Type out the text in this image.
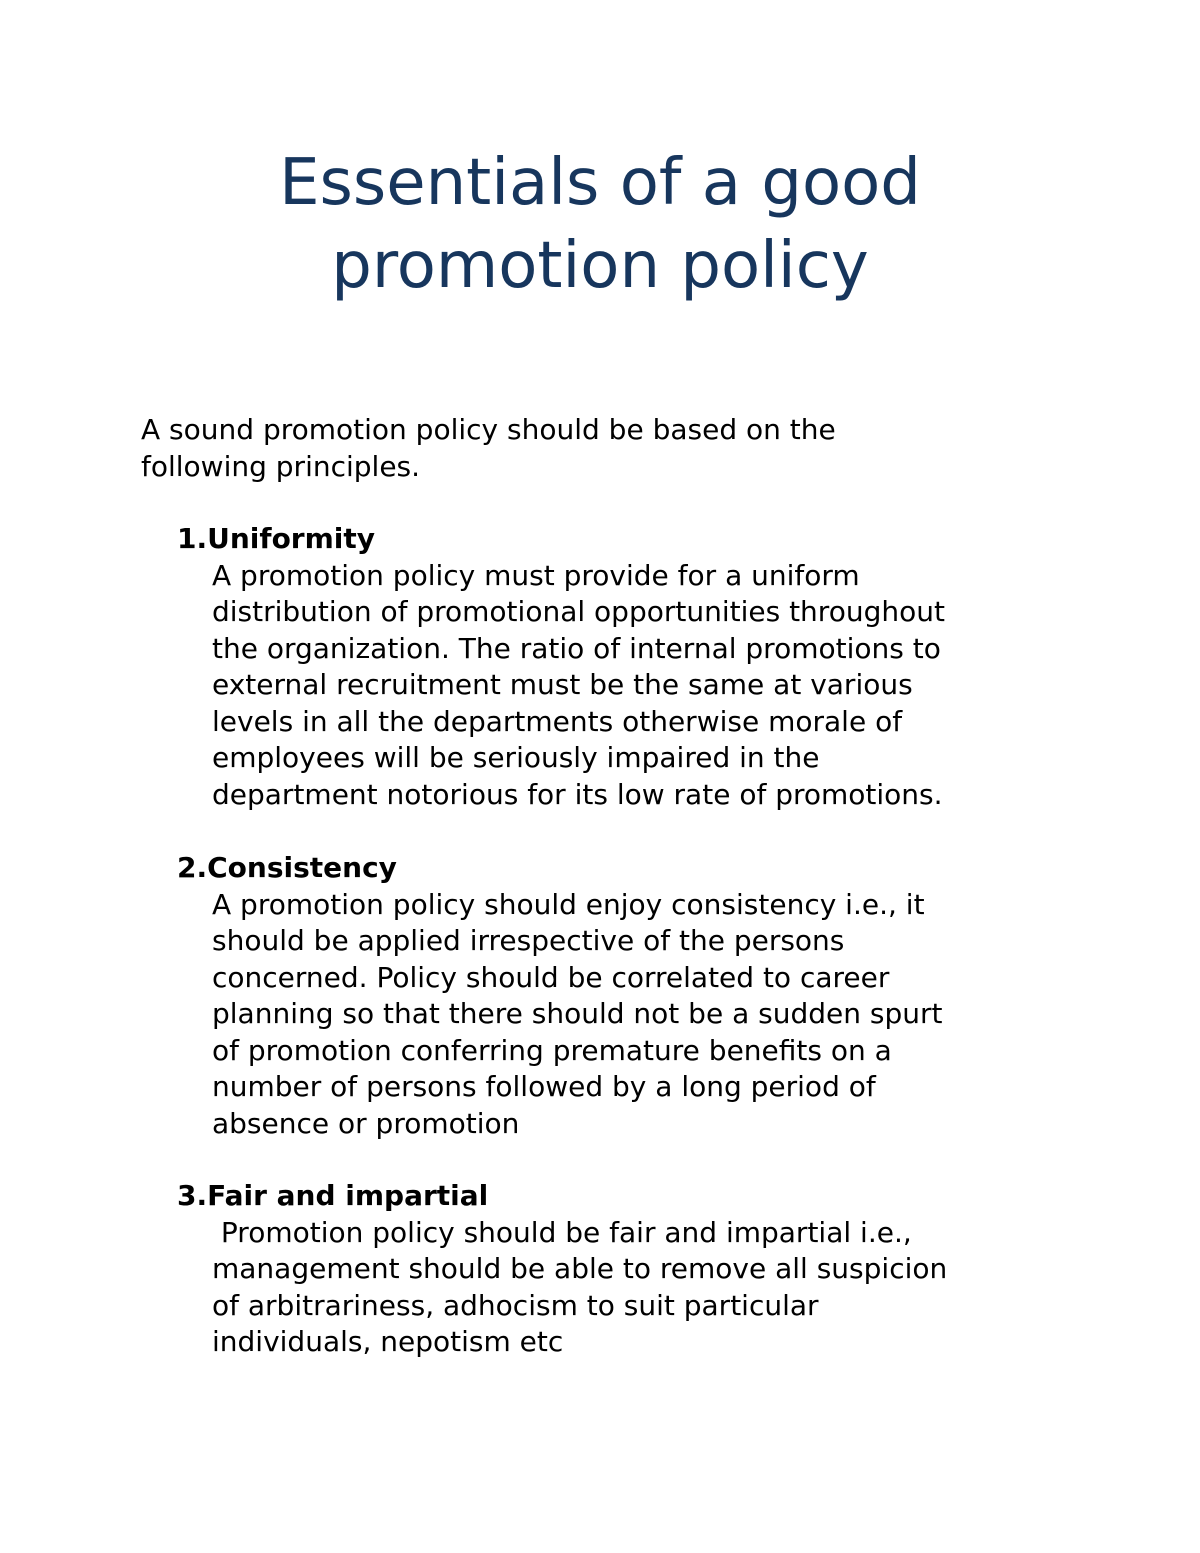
Essentials of a good
promotion policy

A sound promotion policy should be based on the
following principles.

1.Uniformity

A promotion policy must provide for a uniform
distribution of promotional opportunities throughout
the organization. The ratio of internal promotions to
external recruitment must be the same at various
levels in all the departments otherwise morale of
employees will be seriously impaired in the
department notorious for its low rate of promotions.

2.Consistency

A promotion policy should enjoy consistency i.e., it
should be applied irrespective of the persons
concerned. Policy should be correlated to career
planning so that there should not be a sudden spurt
of promotion conferring premature benefits on a
number of persons followed by a long period of
absence or promotion

3.Fair and impartial

Promotion policy should be fair and impartial i.e.,
management should be able to remove all suspicion
of arbitrariness, adhocism to suit particular
individuals, nepotism etc
